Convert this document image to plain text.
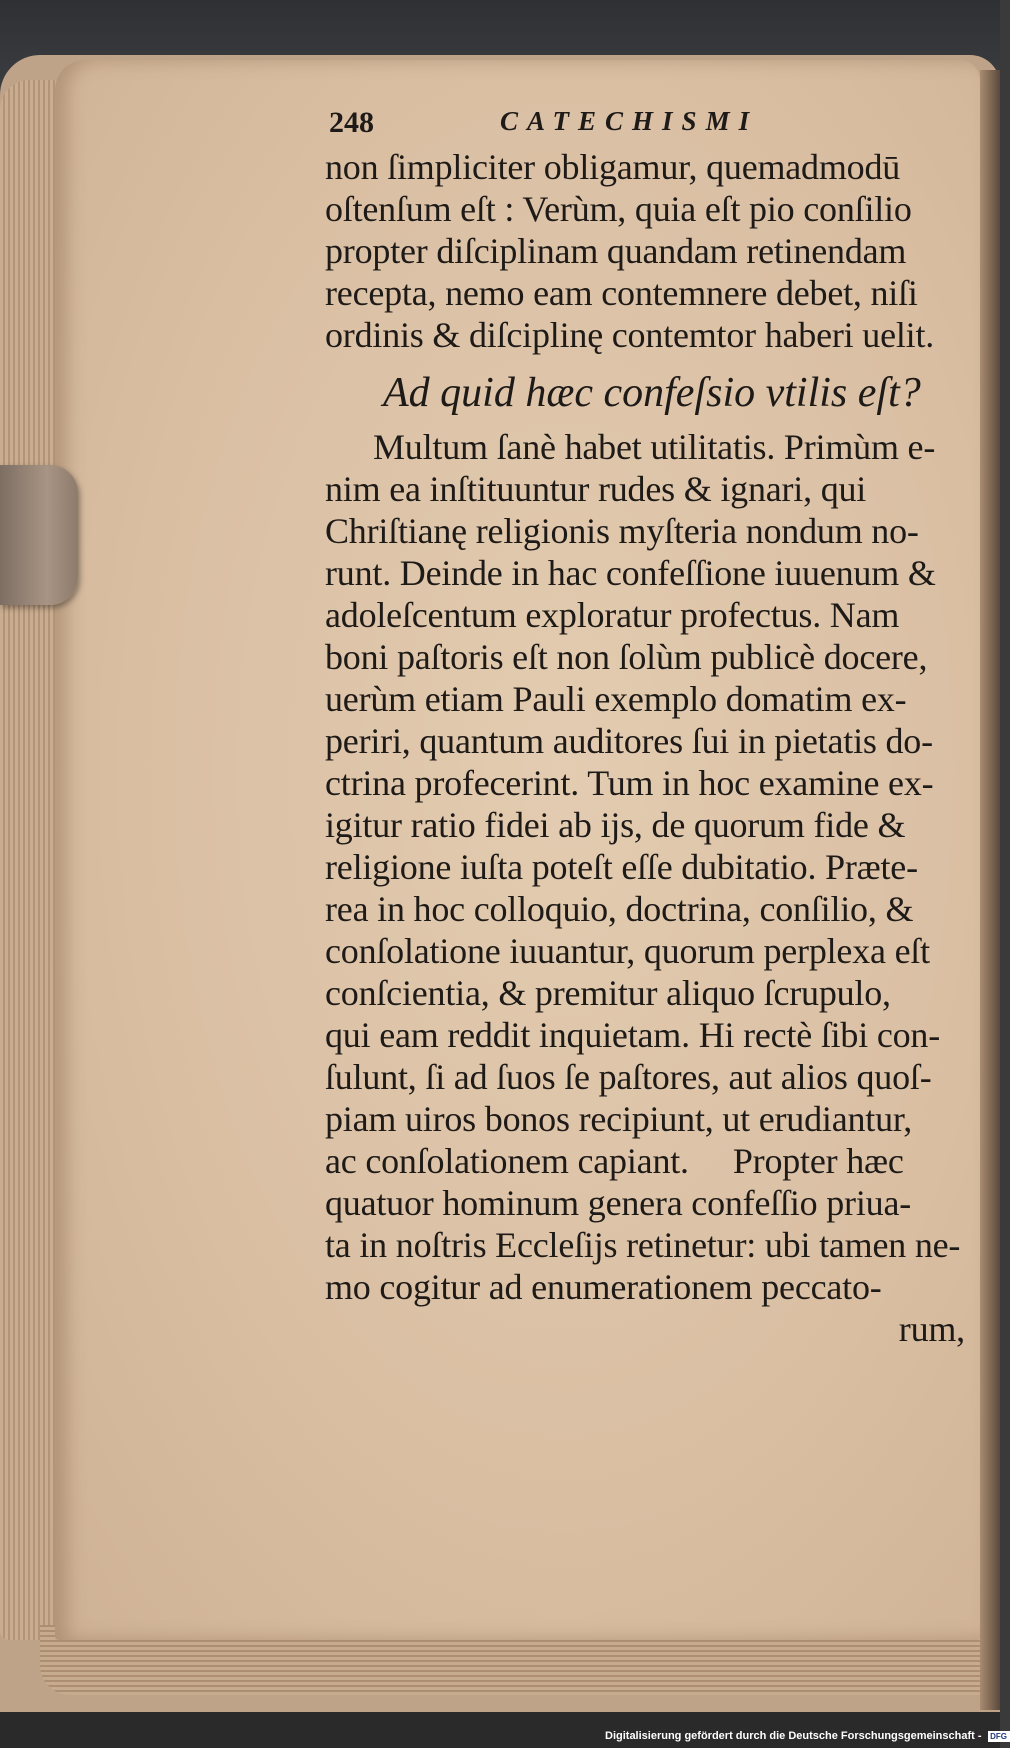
248	CATECHISMI
non ſimpliciter obligamur, quemadmodū
oſtenſum eſt : Verùm, quia eſt pio conſilio
propter diſciplinam quandam retinendam
recepta, nemo eam contemnere debet, niſi
ordinis & diſciplinę contemtor haberi uelit.
Ad quid hæc confeſsio vtilis eſt?
Multum ſanè habet utilitatis. Primùm e-
nim ea inſtituuntur rudes & ignari, qui
Chriſtianę religionis myſteria nondum no-
runt. Deinde in hac confeſſione iuuenum &
adoleſcentum exploratur profectus. Nam
boni paſtoris eſt non ſolùm publicè docere,
uerùm etiam Pauli exemplo domatim ex-
periri, quantum auditores ſui in pietatis do-
ctrina profecerint. Tum in hoc examine ex-
igitur ratio fidei ab ijs, de quorum fide &
religione iuſta poteſt eſſe dubitatio. Præte-
rea in hoc colloquio, doctrina, conſilio, &
conſolatione iuuantur, quorum perplexa eſt
conſcientia, & premitur aliquo ſcrupulo,
qui eam reddit inquietam. Hi rectè ſibi con-
ſulunt, ſi ad ſuos ſe paſtores, aut alios quoſ-
piam uiros bonos recipiunt, ut erudiantur,
ac conſolationem capiant.     Propter hæc
quatuor hominum genera confeſſio priua-
ta in noſtris Eccleſijs retinetur: ubi tamen ne-
mo cogitur ad enumerationem peccato-
rum,
Digitalisierung gefördert durch die Deutsche Forschungsgemeinschaft - DFG
